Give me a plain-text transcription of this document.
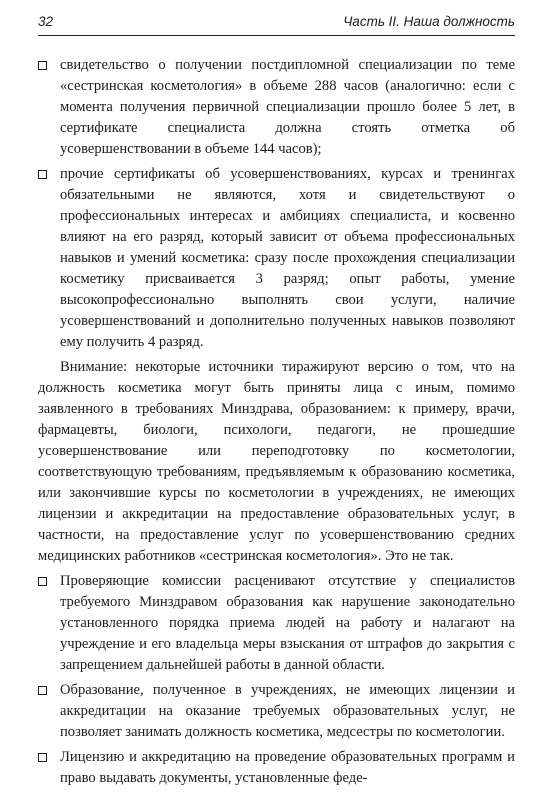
32	Часть II. Наша должность
свидетельство о получении постдипломной специализации по теме «сестринская косметология» в объеме 288 часов (аналогично: если с момента получения первичной специализации прошло более 5 лет, в сертификате специалиста должна стоять отметка об усовершенствовании в объеме 144 часов);
прочие сертификаты об усовершенствованиях, курсах и тренингах обязательными не являются, хотя и свидетельствуют о профессиональных интересах и амбициях специалиста, и косвенно влияют на его разряд, который зависит от объема профессиональных навыков и умений косметика: сразу после прохождения специализации косметику присваивается 3 разряд; опыт работы, умение высокопрофессионально выполнять свои услуги, наличие усовершенствований и дополнительно полученных навыков позволяют ему получить 4 разряд.

Внимание: некоторые источники тиражируют версию о том, что на должность косметика могут быть приняты лица с иным, помимо заявленного в требованиях Минздрава, образованием: к примеру, врачи, фармацевты, биологи, психологи, педагоги, не прошедшие усовершенствование или переподготовку по косметологии, соответствующую требованиям, предъявляемым к образованию косметика, или закончившие курсы по косметологии в учреждениях, не имеющих лицензии и аккредитации на предоставление образовательных услуг, в частности, на предоставление услуг по усовершенствованию средних медицинских работников «сестринская косметология». Это не так.

Проверяющие комиссии расценивают отсутствие у специалистов требуемого Минздравом образования как нарушение законодательно установленного порядка приема людей на работу и налагают на учреждение и его владельца меры взыскания от штрафов до закрытия с запрещением дальнейшей работы в данной области.
Образование, полученное в учреждениях, не имеющих лицензии и аккредитации на оказание требуемых образовательных услуг, не позволяет занимать должность косметика, медсестры по косметологии.
Лицензию и аккредитацию на проведение образовательных программ и право выдавать документы, установленные феде-
